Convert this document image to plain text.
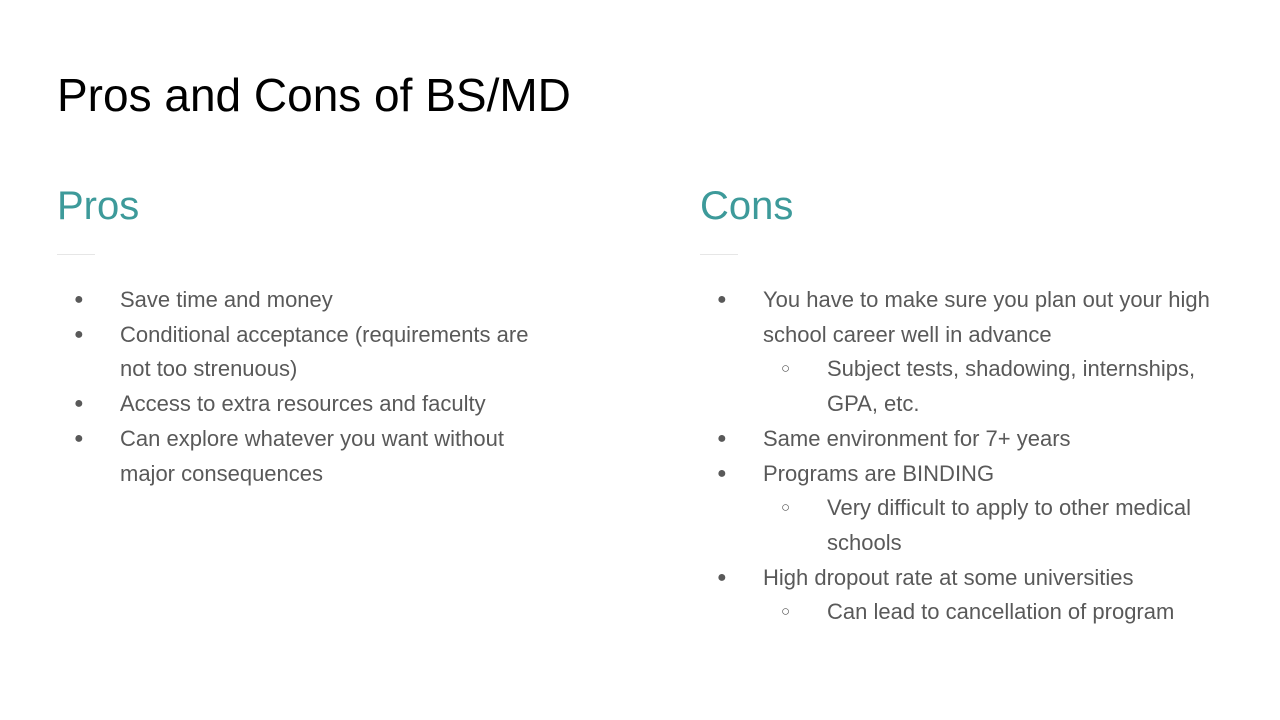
Pros and Cons of BS/MD
Pros
● Save time and money
● Conditional acceptance (requirements are not too strenuous)
● Access to extra resources and faculty
● Can explore whatever you want without major consequences
Cons
● You have to make sure you plan out your high school career well in advance
○ Subject tests, shadowing, internships, GPA, etc.
● Same environment for 7+ years
● Programs are BINDING
○ Very difficult to apply to other medical schools
● High dropout rate at some universities
○ Can lead to cancellation of program
